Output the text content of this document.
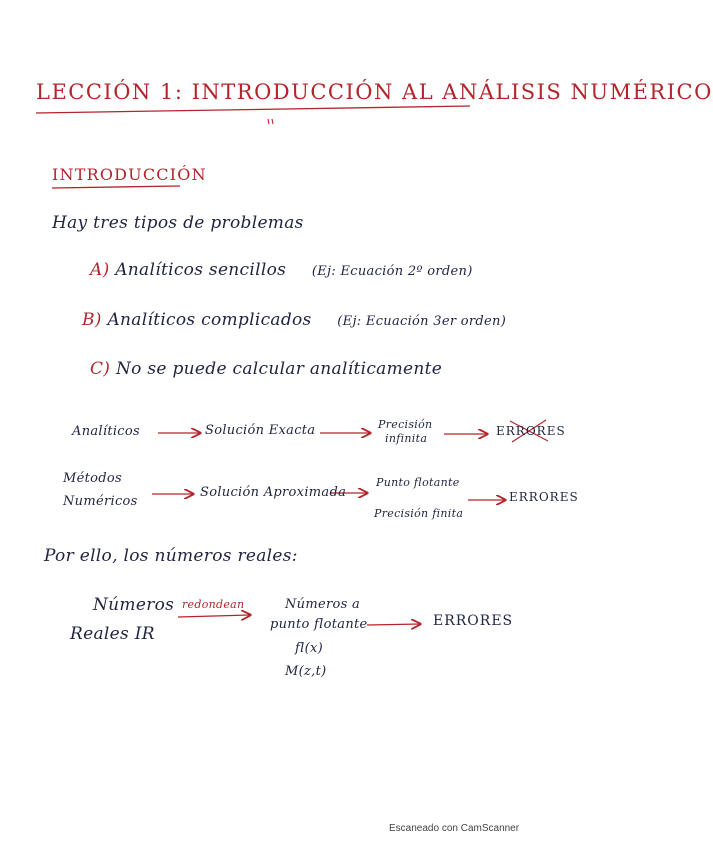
LECCIÓN 1: INTRODUCCIÓN AL ANÁLISIS NUMÉRICO
INTRODUCCIÓN
Hay tres tipos de problemas
A) Analíticos sencillos (Ej: Ecuación 2º orden)
B) Analíticos complicados (Ej: Ecuación 3er orden)
C) No se puede calcular analíticamente
Analíticos	Solución Exacta	Precisión
infinita
ERRORES
Métodos
Numéricos
Solución Aproximada
Punto flotante
Precisión finita
ERRORES
Por ello, los números reales:
Números
Reales IR
redondean	Números a
punto flotante
fl(x)
M(z,t)
ERRORES
Escaneado con CamScanner
